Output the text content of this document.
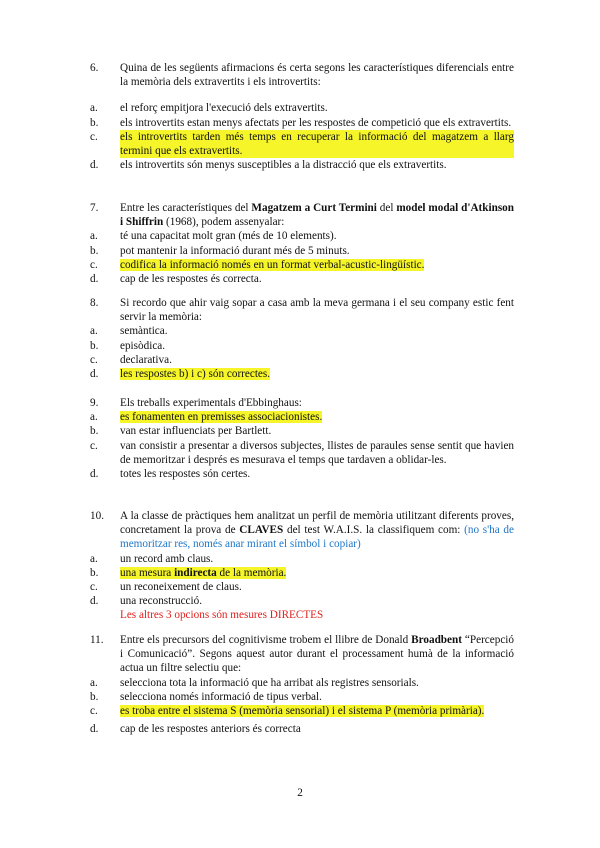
6.	Quina de les següents afirmacions és certa segons les característiques diferencials entre la memòria dels extravertits i els introvertits:
a.	el reforç empitjora l'execució dels extravertits.
b.	els introvertits estan menys afectats per les respostes de competició que els extravertits.
c.	els introvertits tarden més temps en recuperar la informació del magatzem a llarg termini que els extravertits.
d.	els introvertits són menys susceptibles a la distracció que els extravertits.
7.	Entre les característiques del Magatzem a Curt Termini del model modal d'Atkinson i Shiffrin (1968), podem assenyalar:
a.	té una capacitat molt gran (més de 10 elements).
b.	pot mantenir la informació durant més de 5 minuts.
c.	codifica la informació només en un format verbal-acustic-lingüístic.
d.	cap de les respostes és correcta.
8.	Si recordo que ahir vaig sopar a casa amb la meva germana i el seu company estic fent servir la memòria:
a.	semàntica.
b.	episòdica.
c.	declarativa.
d.	les respostes b) i c) són correctes.
9.	Els treballs experimentals d'Ebbinghaus:
a.	es fonamenten en premisses associacionistes.
b.	van estar influenciats per Bartlett.
c.	van consistir a presentar a diversos subjectes, llistes de paraules sense sentit que havien de memoritzar i després es mesurava el temps que tardaven a oblidar-les.
d.	totes les respostes són certes.
10.	A la classe de pràctiques hem analitzat un perfil de memòria utilitzant diferents proves, concretament la prova de CLAVES del test W.A.I.S. la classifiquem com: (no s'ha de memoritzar res, només anar mirant el símbol i copiar)
a.	un record amb claus.
b.	una mesura indirecta de la memòria.
c.	un reconeixement de claus.
d.	una reconstrucció.
Les altres 3 opcions són mesures DIRECTES
11.	Entre els precursors del cognitivisme trobem el llibre de Donald Broadbent “Percepció i Comunicació”. Segons aquest autor durant el processament humà de la informació actua un filtre selectiu que:
a.	selecciona tota la informació que ha arribat als registres sensorials.
b.	selecciona només informació de tipus verbal.
c.	es troba entre el sistema S (memòria sensorial) i el sistema P (memòria primària).
d.	cap de les respostes anteriors és correcta
2
